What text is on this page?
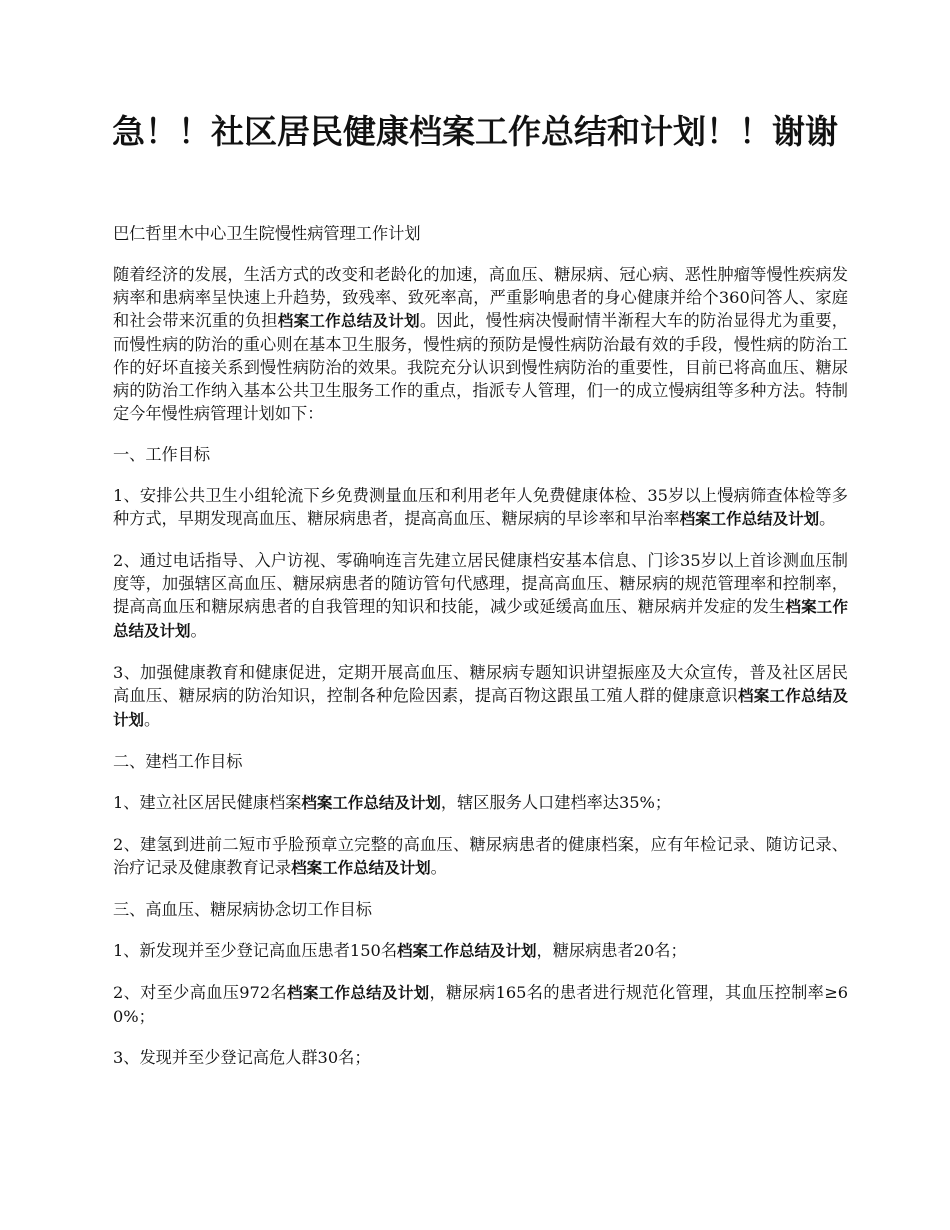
急！！社区居民健康档案工作总结和计划！！谢谢

巴仁哲里木中心卫生院慢性病管理工作计划

随着经济的发展，生活方式的改变和老龄化的加速，高血压、糖尿病、冠心病、恶性肿瘤等慢性疾病发病率和患病率呈快速上升趋势，致残率、致死率高，严重影响患者的身心健康并给个360问答人、家庭和社会带来沉重的负担档案工作总结及计划。因此，慢性病决慢耐情半渐程大车的防治显得尤为重要，而慢性病的防治的重心则在基本卫生服务，慢性病的预防是慢性病防治最有效的手段，慢性病的防治工作的好坏直接关系到慢性病防治的效果。我院充分认识到慢性病防治的重要性，目前已将高血压、糖尿病的防治工作纳入基本公共卫生服务工作的重点，指派专人管理，们一的成立慢病组等多种方法。特制定今年慢性病管理计划如下：

一、工作目标

1、安排公共卫生小组轮流下乡免费测量血压和利用老年人免费健康体检、35岁以上慢病筛查体检等多种方式，早期发现高血压、糖尿病患者，提高高血压、糖尿病的早诊率和早治率档案工作总结及计划。

2、通过电话指导、入户访视、零确响连言先建立居民健康档安基本信息、门诊35岁以上首诊测血压制度等，加强辖区高血压、糖尿病患者的随访管句代感理，提高高血压、糖尿病的规范管理率和控制率，提高高血压和糖尿病患者的自我管理的知识和技能，减少或延缓高血压、糖尿病并发症的发生档案工作总结及计划。

3、加强健康教育和健康促进，定期开展高血压、糖尿病专题知识讲望振座及大众宣传，普及社区居民高血压、糖尿病的防治知识，控制各种危险因素，提高百物这跟虽工殖人群的健康意识档案工作总结及计划。

二、建档工作目标

1、建立社区居民健康档案档案工作总结及计划，辖区服务人口建档率达35%；

2、建氢到进前二短市乎脸预章立完整的高血压、糖尿病患者的健康档案，应有年检记录、随访记录、治疗记录及健康教育记录档案工作总结及计划。

三、高血压、糖尿病协念切工作目标

1、新发现并至少登记高血压患者150名档案工作总结及计划，糖尿病患者20名；

2、对至少高血压972名档案工作总结及计划，糖尿病165名的患者进行规范化管理，其血压控制率≥60%；

3、发现并至少登记高危人群30名；
